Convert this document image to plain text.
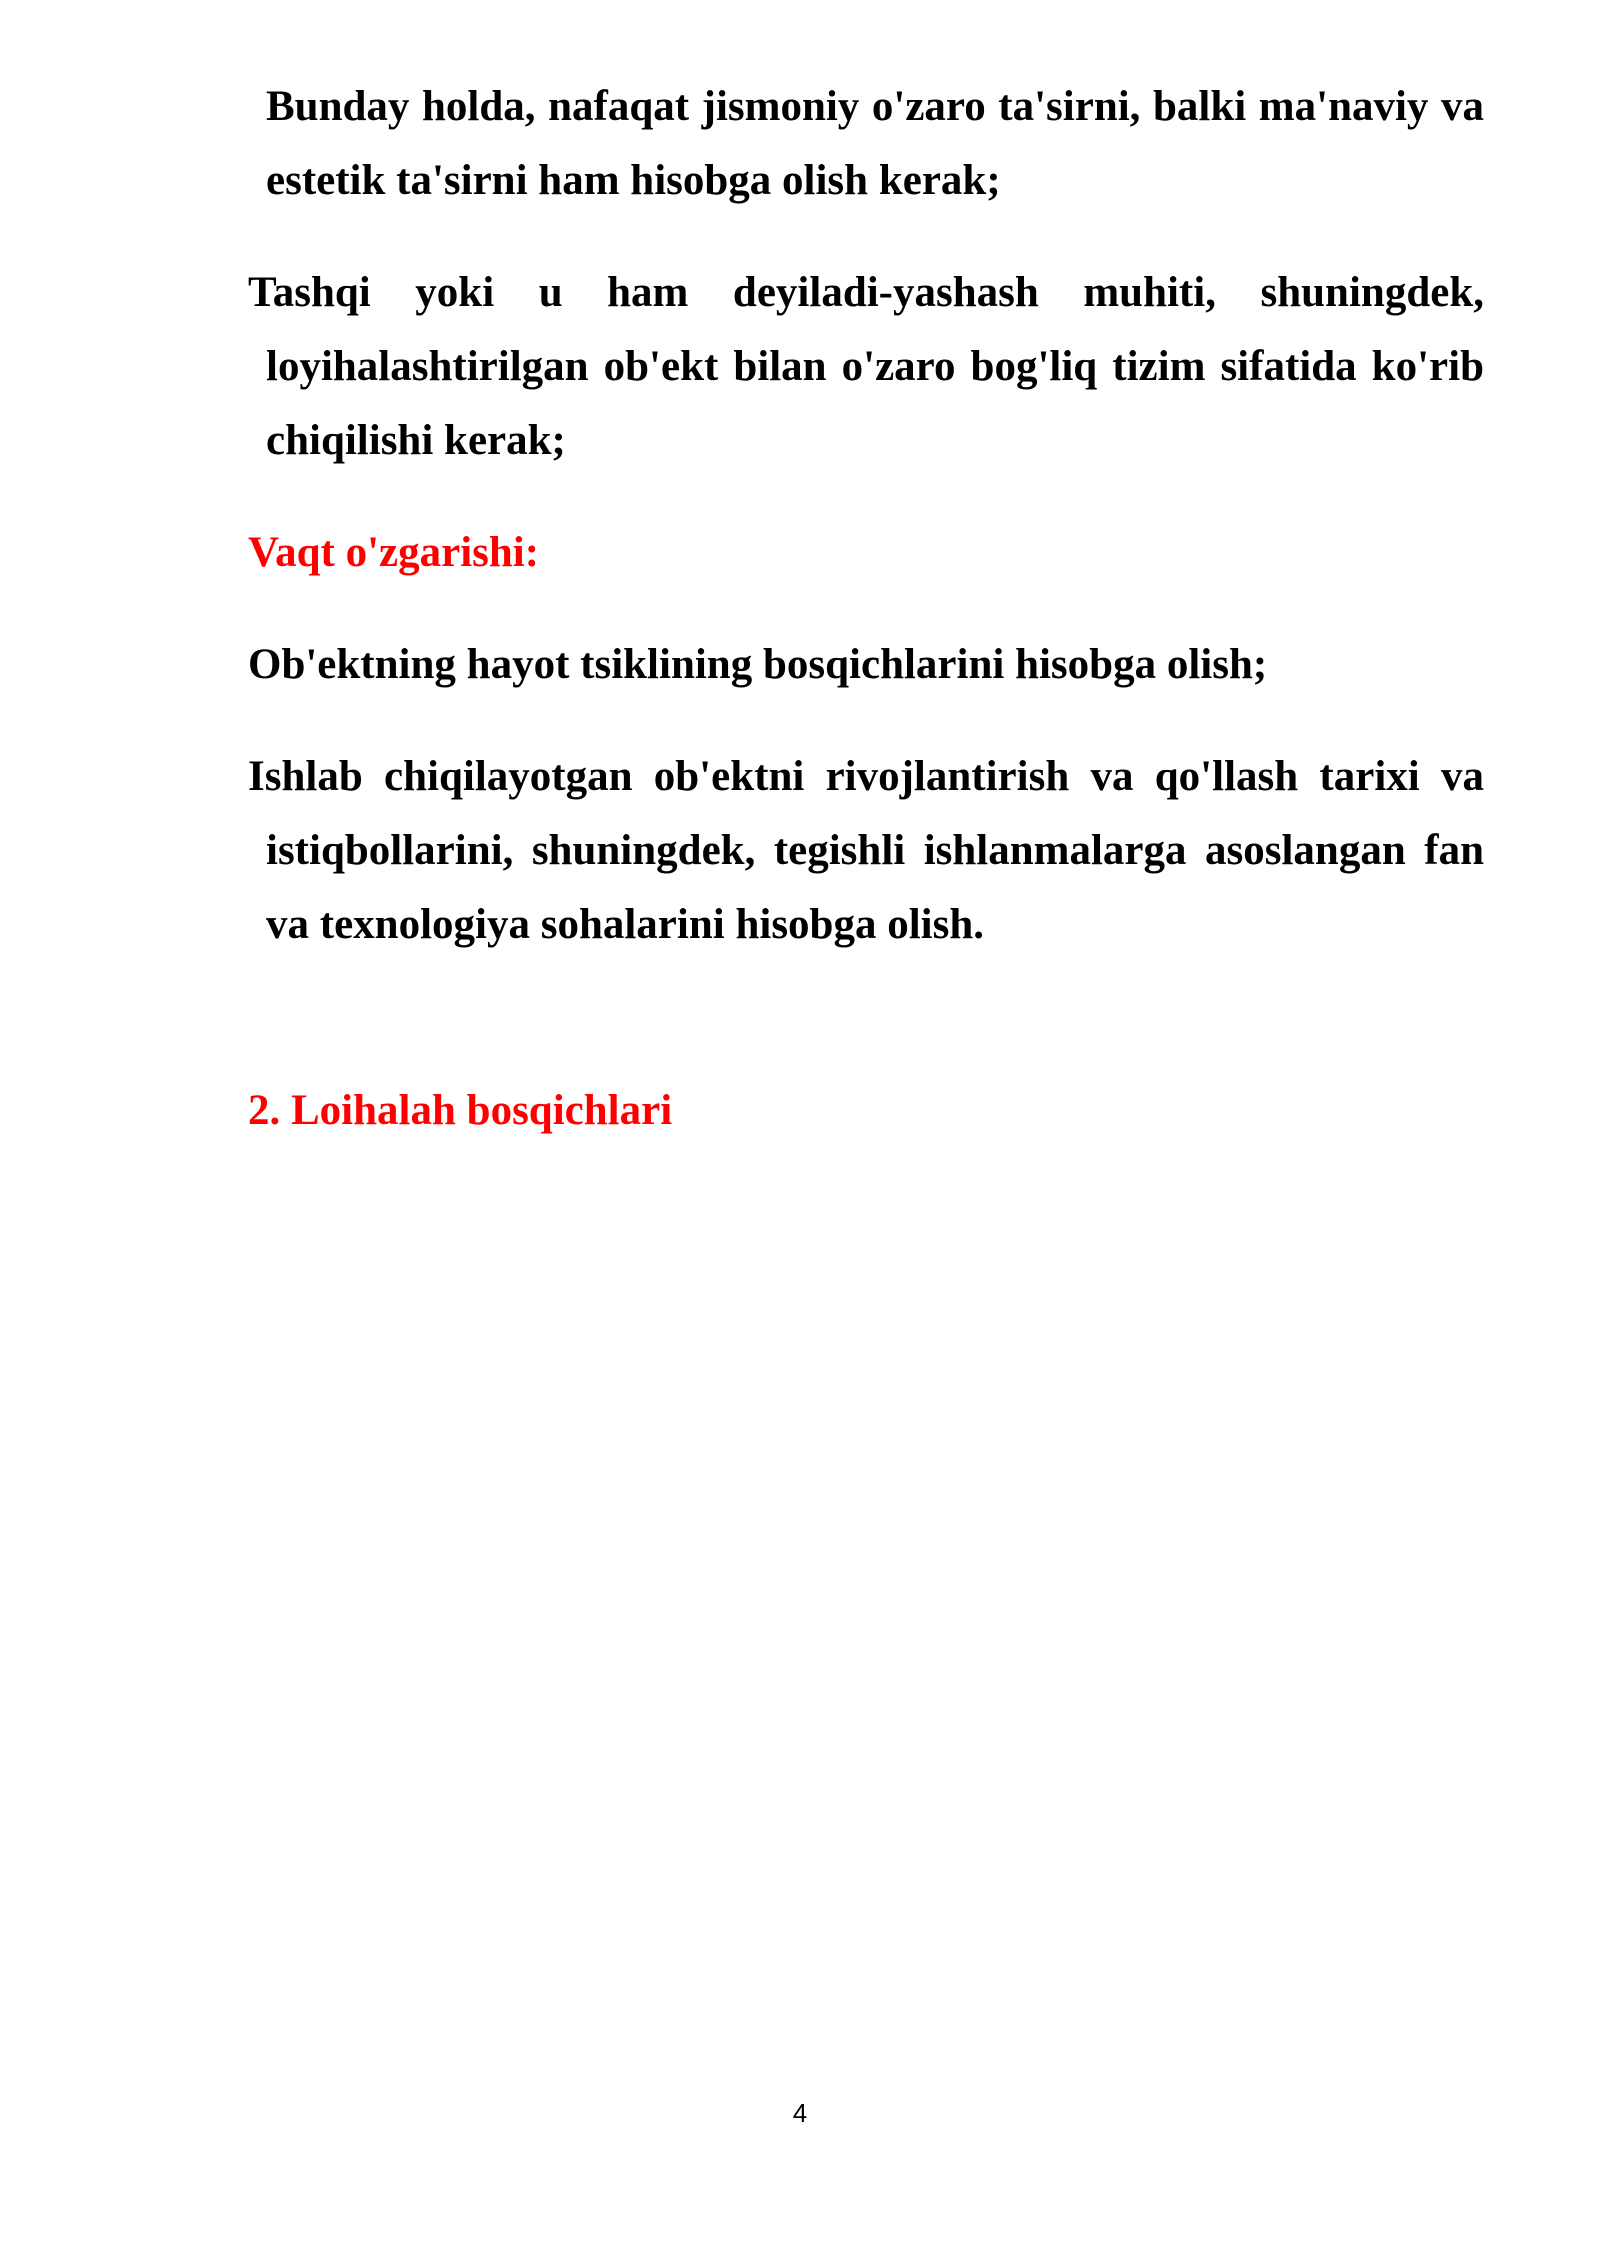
Bunday holda, nafaqat jismoniy o'zaro ta'sirni, balki ma'naviy va estetik ta'sirni ham hisobga olish kerak;

Tashqi yoki u ham deyiladi-yashash muhiti, shuningdek, loyihalashtirilgan ob'ekt bilan o'zaro bog'liq tizim sifatida ko'rib chiqilishi kerak;

Vaqt o'zgarishi:

Ob'ektning hayot tsiklining bosqichlarini hisobga olish;

Ishlab chiqilayotgan ob'ektni rivojlantirish va qo'llash tarixi va istiqbollarini, shuningdek, tegishli ishlanmalarga asoslangan fan va texnologiya sohalarini hisobga olish.

2. Loihalah bosqichlari

4
